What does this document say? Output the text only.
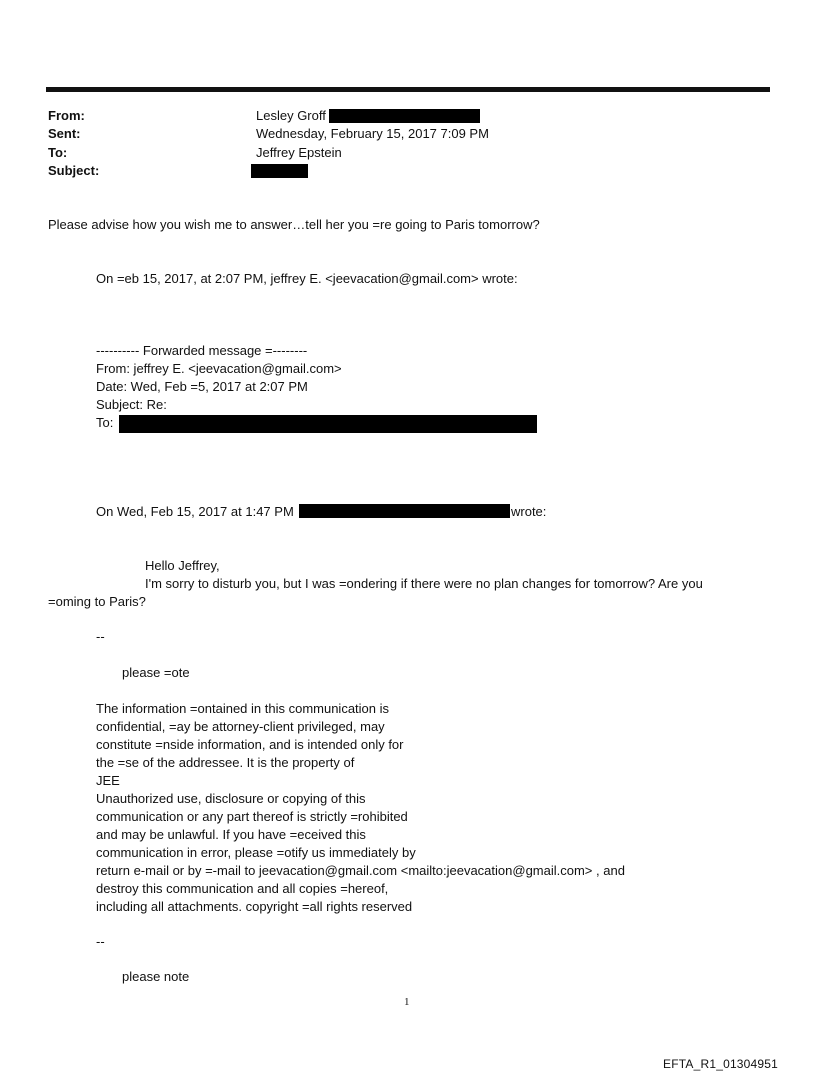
From:	Lesley Groff
Sent:	Wednesday, February 15, 2017 7:09 PM
To:	Jeffrey Epstein
Subject:
Please advise how you wish me to answer…tell her you =re going to Paris tomorrow?
On =eb 15, 2017, at 2:07 PM, jeffrey E. <jeevacation@gmail.com> wrote:
---------- Forwarded message =--------
From: jeffrey E. <jeevacation@gmail.com>
Date: Wed, Feb =5, 2017 at 2:07 PM
Subject: Re:
To:
On Wed, Feb 15, 2017 at 1:47 PM	wrote:
Hello Jeffrey,
I'm sorry to disturb you, but I was =ondering if there were no plan changes for tomorrow? Are you
=oming to Paris?
--
please =ote
The information =ontained in this communication is
confidential, =ay be attorney-client privileged, may
constitute =nside information, and is intended only for
the =se of the addressee. It is the property of
JEE
Unauthorized use, disclosure or copying of this
communication or any part thereof is strictly =rohibited
and may be unlawful. If you have =eceived this
communication in error, please =otify us immediately by
return e-mail or by =-mail to jeevacation@gmail.com <mailto:jeevacation@gmail.com> , and
destroy this communication and all copies =hereof,
including all attachments. copyright =all rights reserved
--
please note
1
EFTA_R1_01304951
